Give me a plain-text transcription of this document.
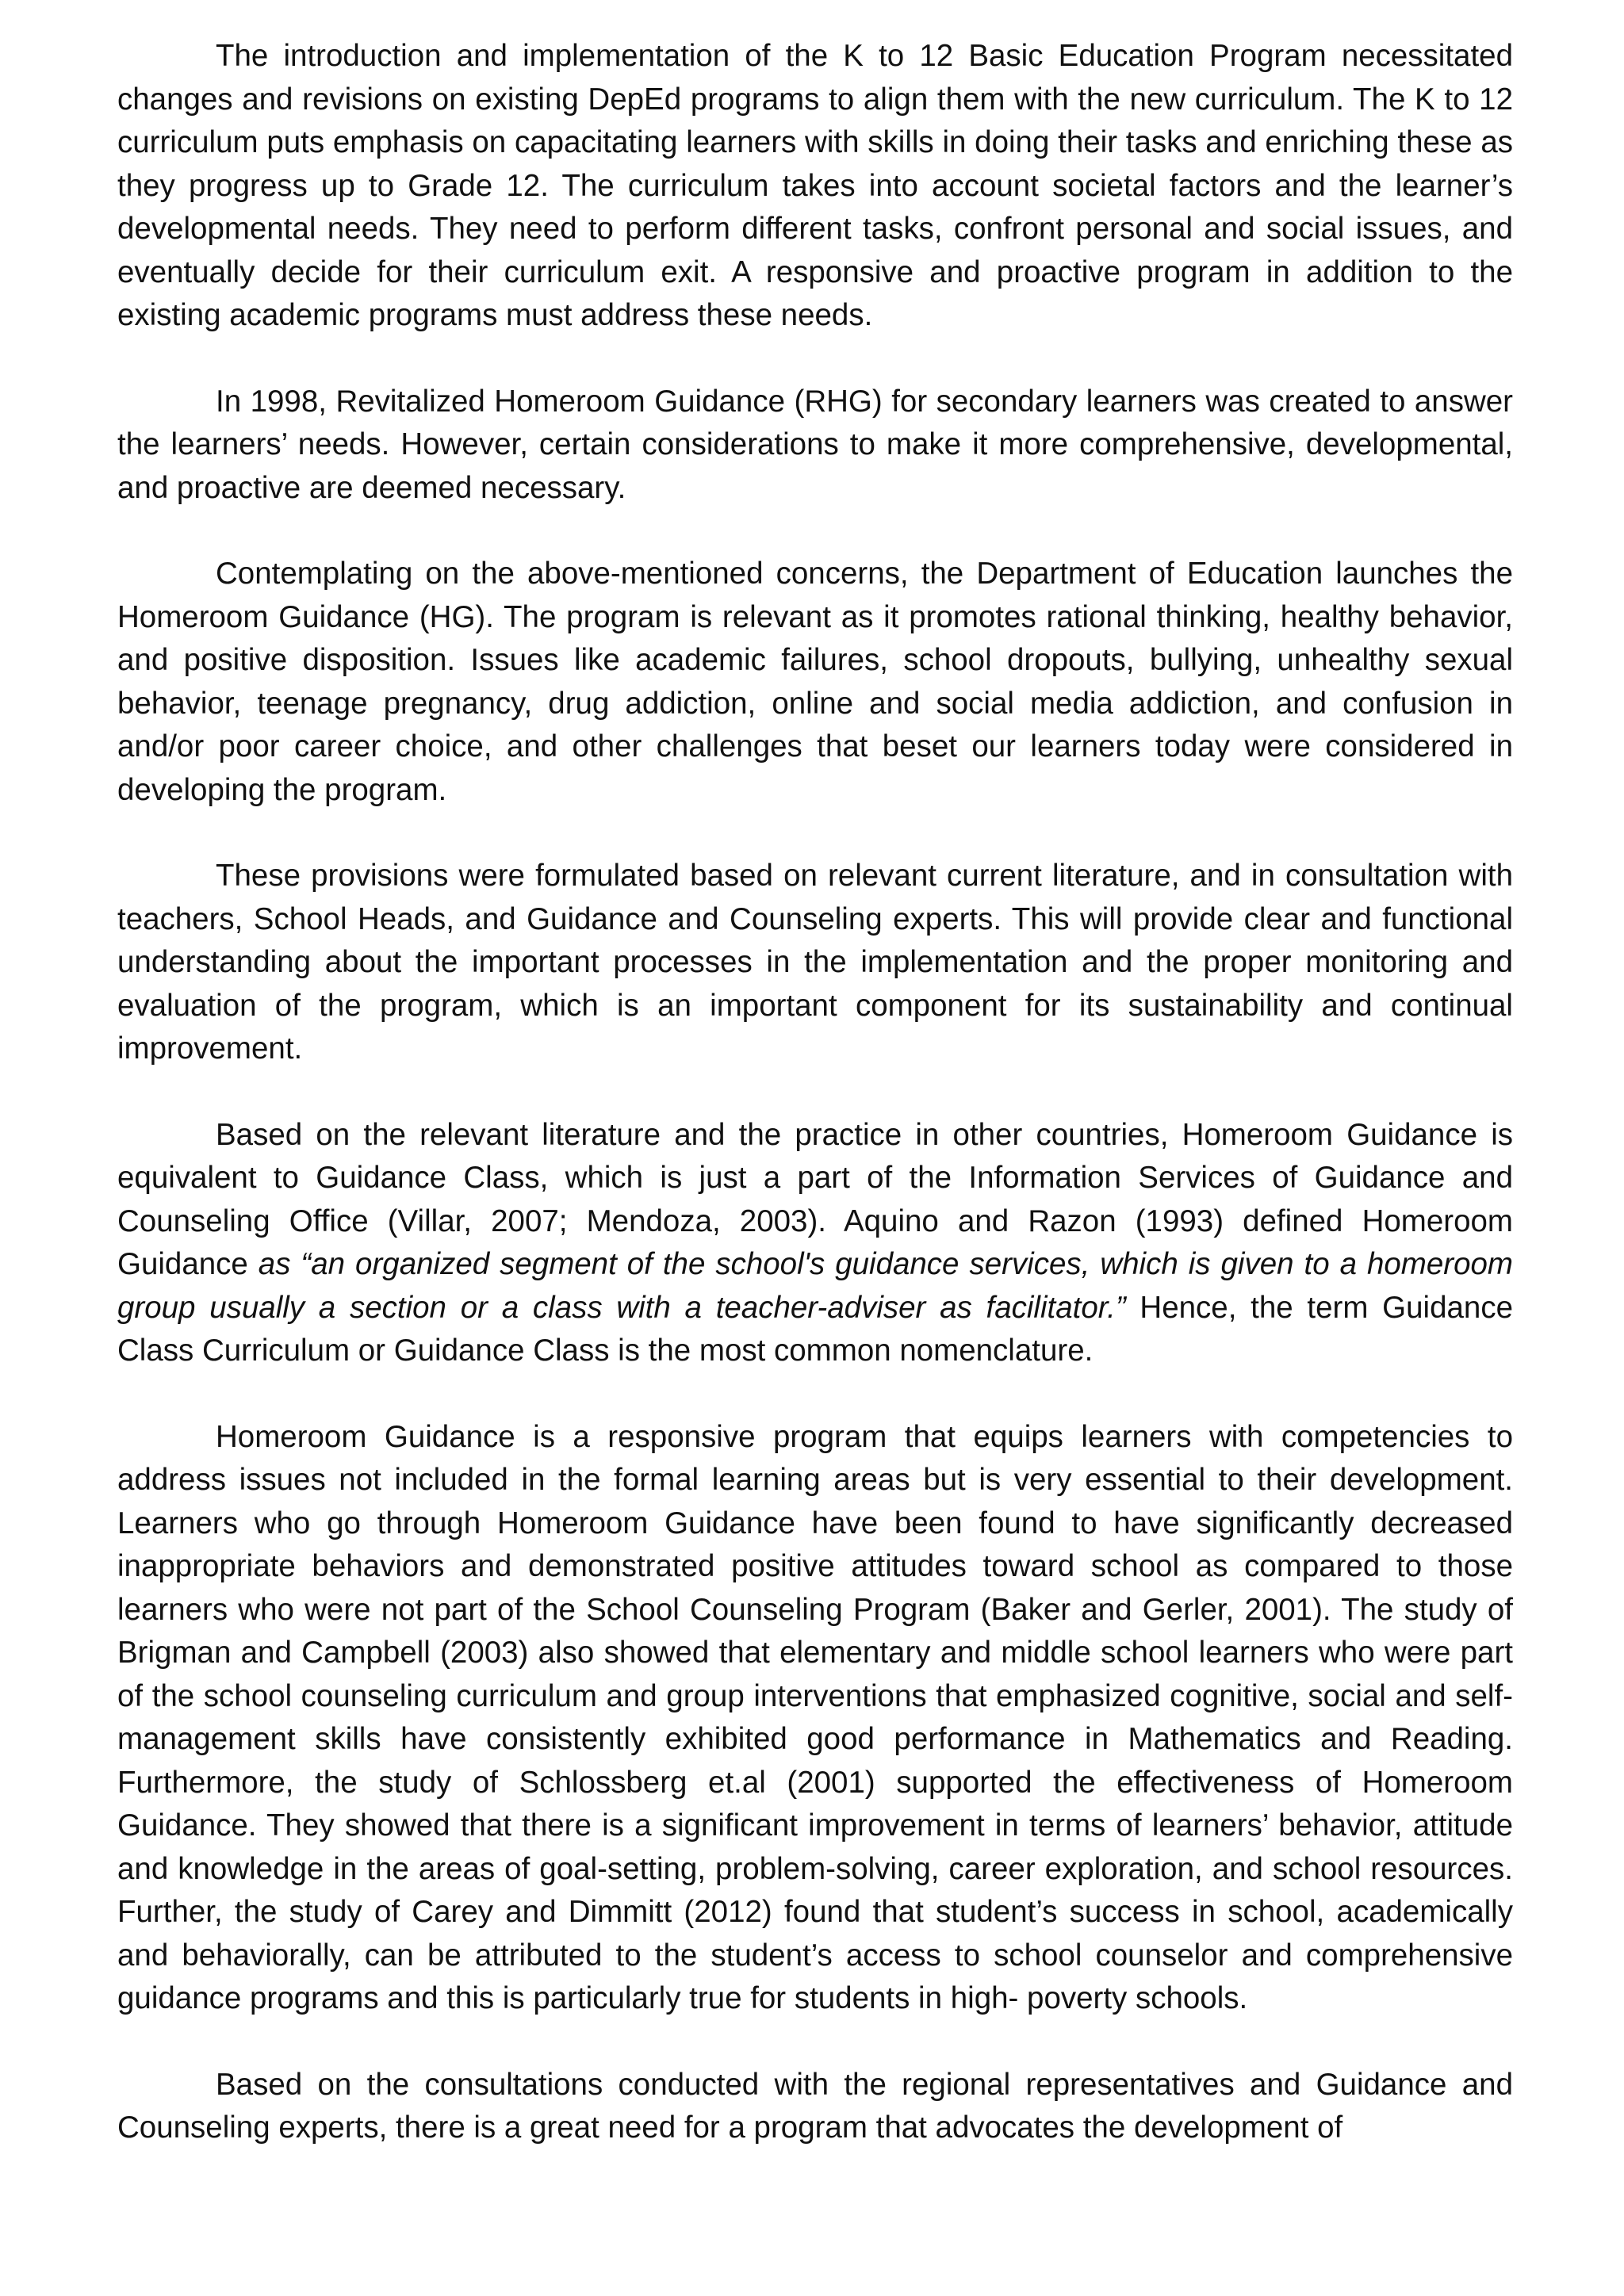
The introduction and implementation of the K to 12 Basic Education Program necessitated changes and revisions on existing DepEd programs to align them with the new curriculum. The K to 12 curriculum puts emphasis on capacitating learners with skills in doing their tasks and enriching these as they progress up to Grade 12. The curriculum takes into account societal factors and the learner’s developmental needs. They need to perform different tasks, confront personal and social issues, and eventually decide for their curriculum exit. A responsive and proactive program in addition to the existing academic programs must address these needs.

In 1998, Revitalized Homeroom Guidance (RHG) for secondary learners was created to answer the learners’ needs. However, certain considerations to make it more comprehensive, developmental, and proactive are deemed necessary.

Contemplating on the above-mentioned concerns, the Department of Education launches the Homeroom Guidance (HG). The program is relevant as it promotes rational thinking, healthy behavior, and positive disposition. Issues like academic failures, school dropouts, bullying, unhealthy sexual behavior, teenage pregnancy, drug addiction, online and social media addiction, and confusion in and/or poor career choice, and other challenges that beset our learners today were considered in developing the program.

These provisions were formulated based on relevant current literature, and in consultation with teachers, School Heads, and Guidance and Counseling experts. This will provide clear and functional understanding about the important processes in the implementation and the proper monitoring and evaluation of the program, which is an important component for its sustainability and continual improvement.

Based on the relevant literature and the practice in other countries, Homeroom Guidance is equivalent to Guidance Class, which is just a part of the Information Services of Guidance and Counseling Office (Villar, 2007; Mendoza, 2003). Aquino and Razon (1993) defined Homeroom Guidance as “an organized segment of the school's guidance services, which is given to a homeroom group usually a section or a class with a teacher-adviser as facilitator.” Hence, the term Guidance Class Curriculum or Guidance Class is the most common nomenclature.

Homeroom Guidance is a responsive program that equips learners with competencies to address issues not included in the formal learning areas but is very essential to their development. Learners who go through Homeroom Guidance have been found to have significantly decreased inappropriate behaviors and demonstrated positive attitudes toward school as compared to those learners who were not part of the School Counseling Program (Baker and Gerler, 2001). The study of Brigman and Campbell (2003) also showed that elementary and middle school learners who were part of the school counseling curriculum and group interventions that emphasized cognitive, social and self-management skills have consistently exhibited good performance in Mathematics and Reading. Furthermore, the study of Schlossberg et.al (2001) supported the effectiveness of Homeroom Guidance. They showed that there is a significant improvement in terms of learners’ behavior, attitude and knowledge in the areas of goal-setting, problem-solving, career exploration, and school resources. Further, the study of Carey and Dimmitt (2012) found that student’s success in school, academically and behaviorally, can be attributed to the student’s access to school counselor and comprehensive guidance programs and this is particularly true for students in high- poverty schools.

Based on the consultations conducted with the regional representatives and Guidance and Counseling experts, there is a great need for a program that advocates the development of
